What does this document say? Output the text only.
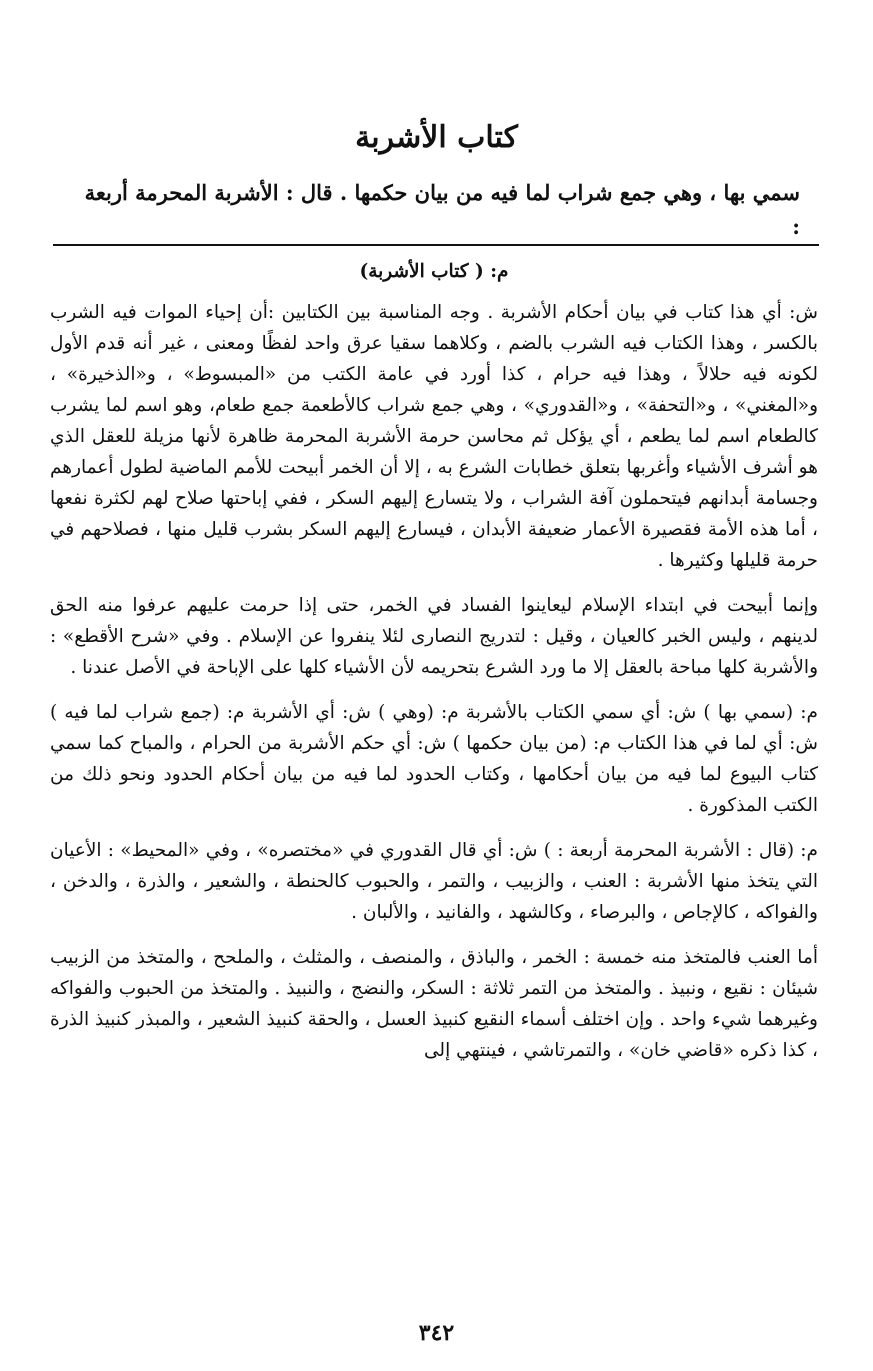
كتاب الأشربة

سمي بها ، وهي جمع شراب لما فيه من بيان حكمها . قال : الأشربة المحرمة أربعة :

م: ( كتاب الأشربة)

ش: أي هذا كتاب في بيان أحكام الأشربة . وجه المناسبة بين الكتابين :أن إحياء الموات فيه الشرب بالكسر ، وهذا الكتاب فيه الشرب بالضم ، وكلاهما سقيا عرق واحد لفظًا ومعنى ، غير أنه قدم الأول لكونه فيه حلالاً ، وهذا فيه حرام ، كذا أورد في عامة الكتب من «المبسوط» ، و«الذخيرة» ، و«المغني» ، و«التحفة» ، و«القدوري» ، وهي جمع شراب كالأطعمة جمع طعام، وهو اسم لما يشرب كالطعام اسم لما يطعم ، أي يؤكل ثم محاسن حرمة الأشربة المحرمة ظاهرة لأنها مزيلة للعقل الذي هو أشرف الأشياء وأغربها بتعلق خطابات الشرع به ، إلا أن الخمر أبيحت للأمم الماضية لطول أعمارهم وجسامة أبدانهم فيتحملون آفة الشراب ، ولا يتسارع إليهم السكر ، ففي إباحتها صلاح لهم لكثرة نفعها ، أما هذه الأمة فقصيرة الأعمار ضعيفة الأبدان ، فيسارع إليهم السكر بشرب قليل منها ، فصلاحهم في حرمة قليلها وكثيرها .

وإنما أبيحت في ابتداء الإسلام ليعاينوا الفساد في الخمر، حتى إذا حرمت عليهم عرفوا منه الحق لدينهم ، وليس الخبر كالعيان ، وقيل : لتدريج النصارى لئلا ينفروا عن الإسلام . وفي «شرح الأقطع» : والأشربة كلها مباحة بالعقل إلا ما ورد الشرع بتحريمه لأن الأشياء كلها على الإباحة في الأصل عندنا .

م: (سمي بها ) ش: أي سمي الكتاب بالأشربة م: (وهي ) ش: أي الأشربة م: (جمع شراب لما فيه ) ش: أي لما في هذا الكتاب م: (من بيان حكمها ) ش: أي حكم الأشربة من الحرام ، والمباح كما سمي كتاب البيوع لما فيه من بيان أحكامها ، وكتاب الحدود لما فيه من بيان أحكام الحدود ونحو ذلك من الكتب المذكورة .

م: (قال : الأشربة المحرمة أربعة : ) ش: أي قال القدوري في «مختصره» ، وفي «المحيط» : الأعيان التي يتخذ منها الأشربة : العنب ، والزبيب ، والتمر ، والحبوب كالحنطة ، والشعير ، والذرة ، والدخن ، والفواكه ، كالإجاص ، والبرصاء ، وكالشهد ، والفانيد ، والألبان .

أما العنب فالمتخذ منه خمسة : الخمر ، والباذق ، والمنصف ، والمثلث ، والملحح ، والمتخذ من الزبيب شيئان : نقيع ، ونبيذ . والمتخذ من التمر ثلاثة : السكر، والنضج ، والنبيذ . والمتخذ من الحبوب والفواكه وغيرهما شيء واحد . وإن اختلف أسماء النقيع كنبيذ العسل ، والحقة كنبيذ الشعير ، والمبذر كنبيذ الذرة ، كذا ذكره «قاضي خان» ، والتمرتاشي ، فينتهي إلى

٣٤٢
